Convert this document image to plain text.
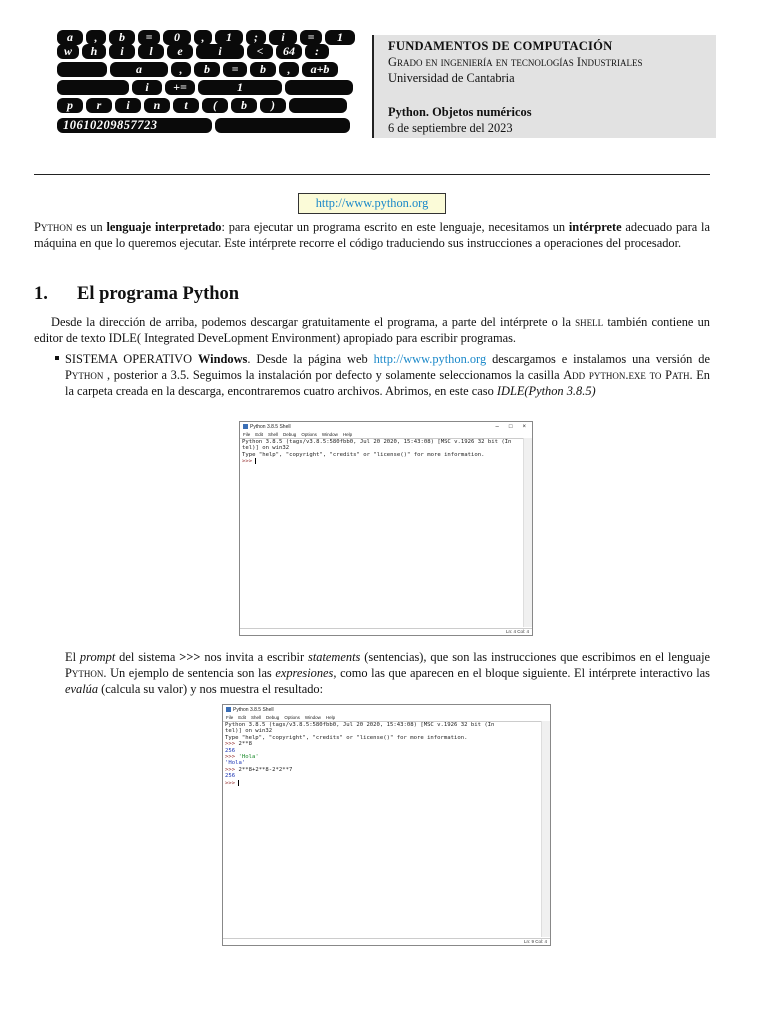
a	,	b	=	0	,	1	;	i	=	1
w	h	i	l	e	i	<	64	:
a	,	b	=	b	,	a+b
i	+=	1
p	r	i	n	t	(	b	)
10610209857723
FUNDAMENTOS DE COMPUTACIÓN
Grado en ingeniería en tecnologías Industriales
Universidad de Cantabria
Python. Objetos numéricos
6 de septiembre del 2023
http://www.python.org

Python es un lenguaje interpretado: para ejecutar un programa escrito en este lenguaje, necesitamos un intérprete adecuado para la máquina en que lo queremos ejecutar. Este intérprete recorre el código traduciendo sus instrucciones a operaciones del procesador.

1. El programa Python

Desde la dirección de arriba, podemos descargar gratuitamente el programa, a parte del intérprete o la shell también contiene un editor de texto IDLE( Integrated DeveLopment Environment) apropiado para escribir programas.

SISTEMA OPERATIVO Windows. Desde la página web http://www.python.org descargamos e instalamos una versión de Python , posterior a 3.5. Seguimos la instalación por defecto y solamente seleccionamos la casilla Add python.exe to Path. En la carpeta creada en la descarga, encontraremos cuatro archivos. Abrimos, en este caso IDLE(Python 3.8.5)

Python 3.8.5 Shell	– □ ×
File Edit Shell Debug Options Window Help
Python 3.8.5 (tags/v3.8.5:580fbb0, Jul 20 2020, 15:43:08) [MSC v.1926 32 bit (In
tel)] on win32
Type "help", "copyright", "credits" or "license()" for more information.
>>>
Ln: 4 Col: 4

El prompt del sistema >>> nos invita a escribir statements (sentencias), que son las instrucciones que escribimos en el lenguaje Python. Un ejemplo de sentencia son las expresiones, como las que aparecen en el bloque siguiente. El intérprete interactivo las evalúa (calcula su valor) y nos muestra el resultado:

Python 3.8.5 Shell
File Edit Shell Debug Options Window Help
Python 3.8.5 (tags/v3.8.5:580fbb0, Jul 20 2020, 15:43:08) [MSC v.1926 32 bit (In
tel)] on win32
Type "help", "copyright", "credits" or "license()" for more information.
>>> 2**8
256
>>> 'Hola'
'Hola'
>>> 2**8+2**8-2*2**7
256
>>>
Ln: 9 Col: 4
